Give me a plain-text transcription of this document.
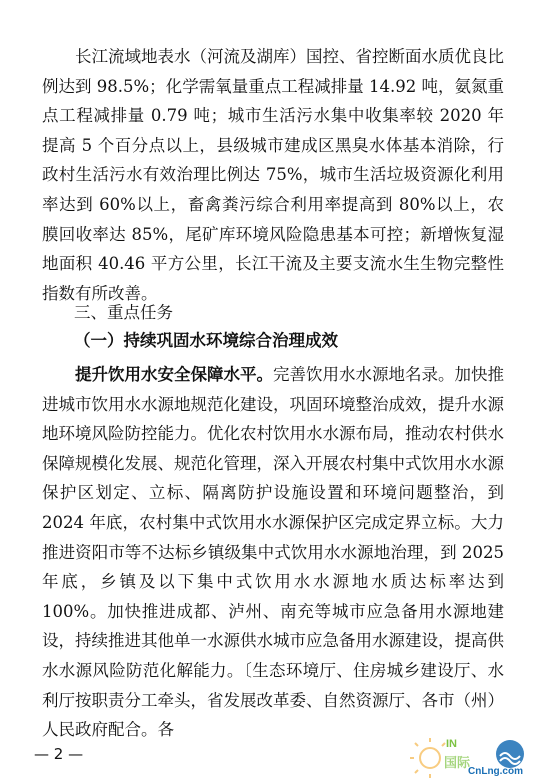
长江流域地表水（河流及湖库）国控、省控断面水质优良比例达到 98.5%；化学需氧量重点工程减排量 14.92 吨，氨氮重点工程减排量 0.79 吨；城市生活污水集中收集率较 2020 年提高 5 个百分点以上，县级城市建成区黑臭水体基本消除，行政村生活污水有效治理比例达 75%，城市生活垃圾资源化利用率达到 60%以上，畜禽粪污综合利用率提高到 80%以上，农膜回收率达 85%，尾矿库环境风险隐患基本可控；新增恢复湿地面积 40.46 平方公里，长江干流及主要支流水生生物完整性指数有所改善。

三、重点任务

（一）持续巩固水环境综合治理成效

提升饮用水安全保障水平。完善饮用水水源地名录。加快推进城市饮用水水源地规范化建设，巩固环境整治成效，提升水源地环境风险防控能力。优化农村饮用水水源布局，推动农村供水保障规模化发展、规范化管理，深入开展农村集中式饮用水水源保护区划定、立标、隔离防护设施设置和环境问题整治，到 2024 年底，农村集中式饮用水水源保护区完成定界立标。大力推进资阳市等不达标乡镇级集中式饮用水水源地治理，到 2025 年底，乡镇及以下集中式饮用水水源地水质达标率达到 100%。加快推进成都、泸州、南充等城市应急备用水源地建设，持续推进其他单一水源供水城市应急备用水源建设，提高供水水源风险防范化解能力。〔生态环境厅、住房城乡建设厅、水利厅按职责分工牵头，省发展改革委、自然资源厅、各市（州）人民政府配合。各

— 2 —
IN
国际
CnLng.com
